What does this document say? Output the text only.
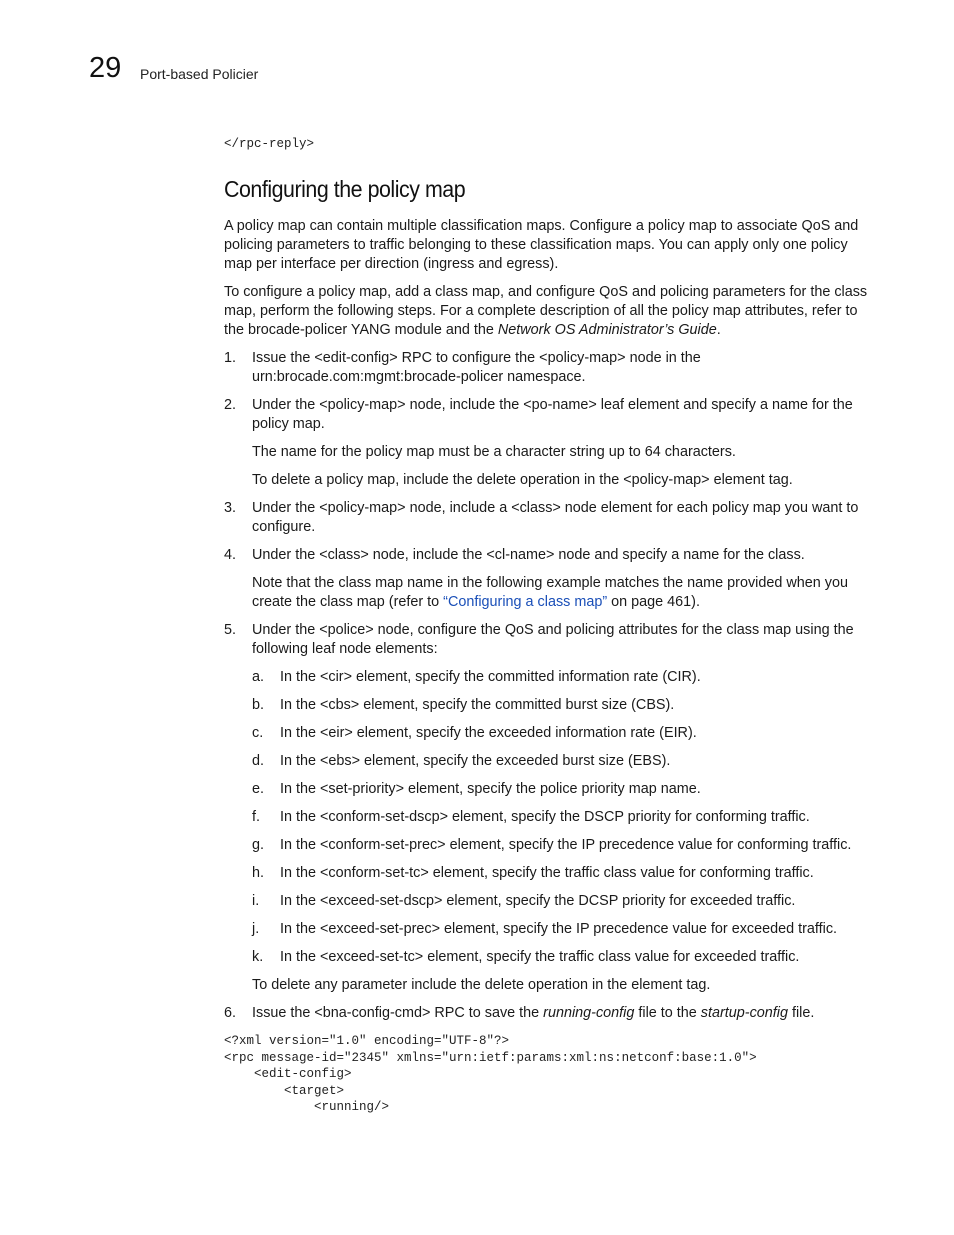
29 Port-based Policier
</rpc-reply>
Configuring the policy map

A policy map can contain multiple classification maps. Configure a policy map to associate QoS and policing parameters to traffic belonging to these classification maps. You can apply only one policy map per interface per direction (ingress and egress).

To configure a policy map, add a class map, and configure QoS and policing parameters for the class map, perform the following steps. For a complete description of all the policy map attributes, refer to the brocade-policer YANG module and the Network OS Administrator’s Guide.

1. Issue the <edit-config> RPC to configure the <policy-map> node in the urn:brocade.com:mgmt:brocade-policer namespace.
2. Under the <policy-map> node, include the <po-name> leaf element and specify a name for the policy map.
The name for the policy map must be a character string up to 64 characters.
To delete a policy map, include the delete operation in the <policy-map> element tag.
3. Under the <policy-map> node, include a <class> node element for each policy map you want to configure.
4. Under the <class> node, include the <cl-name> node and specify a name for the class.
Note that the class map name in the following example matches the name provided when you create the class map (refer to “Configuring a class map” on page 461).
5. Under the <police> node, configure the QoS and policing attributes for the class map using the following leaf node elements:
a. In the <cir> element, specify the committed information rate (CIR).
b. In the <cbs> element, specify the committed burst size (CBS).
c. In the <eir> element, specify the exceeded information rate (EIR).
d. In the <ebs> element, specify the exceeded burst size (EBS).
e. In the <set-priority> element, specify the police priority map name.
f. In the <conform-set-dscp> element, specify the DSCP priority for conforming traffic.
g. In the <conform-set-prec> element, specify the IP precedence value for conforming traffic.
h. In the <conform-set-tc> element, specify the traffic class value for conforming traffic.
i. In the <exceed-set-dscp> element, specify the DCSP priority for exceeded traffic.
j. In the <exceed-set-prec> element, specify the IP precedence value for exceeded traffic.
k. In the <exceed-set-tc> element, specify the traffic class value for exceeded traffic.
To delete any parameter include the delete operation in the element tag.
6. Issue the <bna-config-cmd> RPC to save the running-config file to the startup-config file.
<?xml version="1.0" encoding="UTF-8"?>
<rpc message-id="2345" xmlns="urn:ietf:params:xml:ns:netconf:base:1.0">
<edit-config>
<target>
<running/>
